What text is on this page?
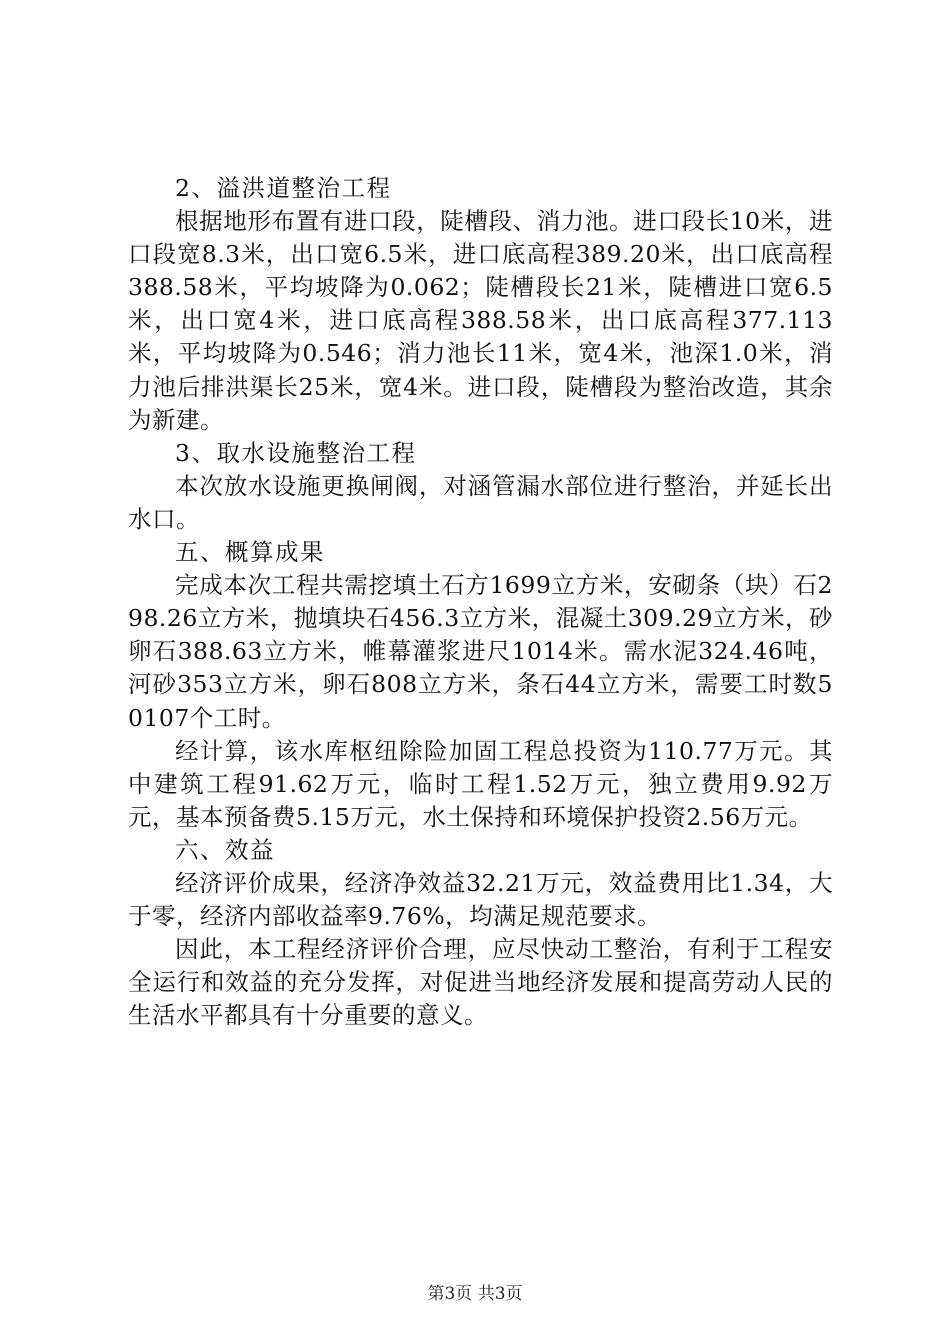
2、溢洪道整治工程

根据地形布置有进口段，陡槽段、消力池。进口段长10米，进口段宽8.3米，出口宽6.5米，进口底高程389.20米，出口底高程388.58米，平均坡降为0.062；陡槽段长21米，陡槽进口宽6.5米，出口宽4米，进口底高程388.58米，出口底高程377.113米，平均坡降为0.546；消力池长11米，宽4米，池深1.0米，消力池后排洪渠长25米，宽4米。进口段，陡槽段为整治改造，其余为新建。

3、取水设施整治工程

本次放水设施更换闸阀，对涵管漏水部位进行整治，并延长出水口。

五、概算成果

完成本次工程共需挖填土石方1699立方米，安砌条（块）石298.26立方米，抛填块石456.3立方米，混凝土309.29立方米，砂卵石388.63立方米，帷幕灌浆进尺1014米。需水泥324.46吨，河砂353立方米，卵石808立方米，条石44立方米，需要工时数50107个工时。

经计算，该水库枢纽除险加固工程总投资为110.77万元。其中建筑工程91.62万元，临时工程1.52万元，独立费用9.92万元，基本预备费5.15万元，水土保持和环境保护投资2.56万元。

六、效益

经济评价成果，经济净效益32.21万元，效益费用比1.34，大于零，经济内部收益率9.76%，均满足规范要求。

因此，本工程经济评价合理，应尽快动工整治，有利于工程安全运行和效益的充分发挥，对促进当地经济发展和提高劳动人民的生活水平都具有十分重要的意义。

第3页 共3页
